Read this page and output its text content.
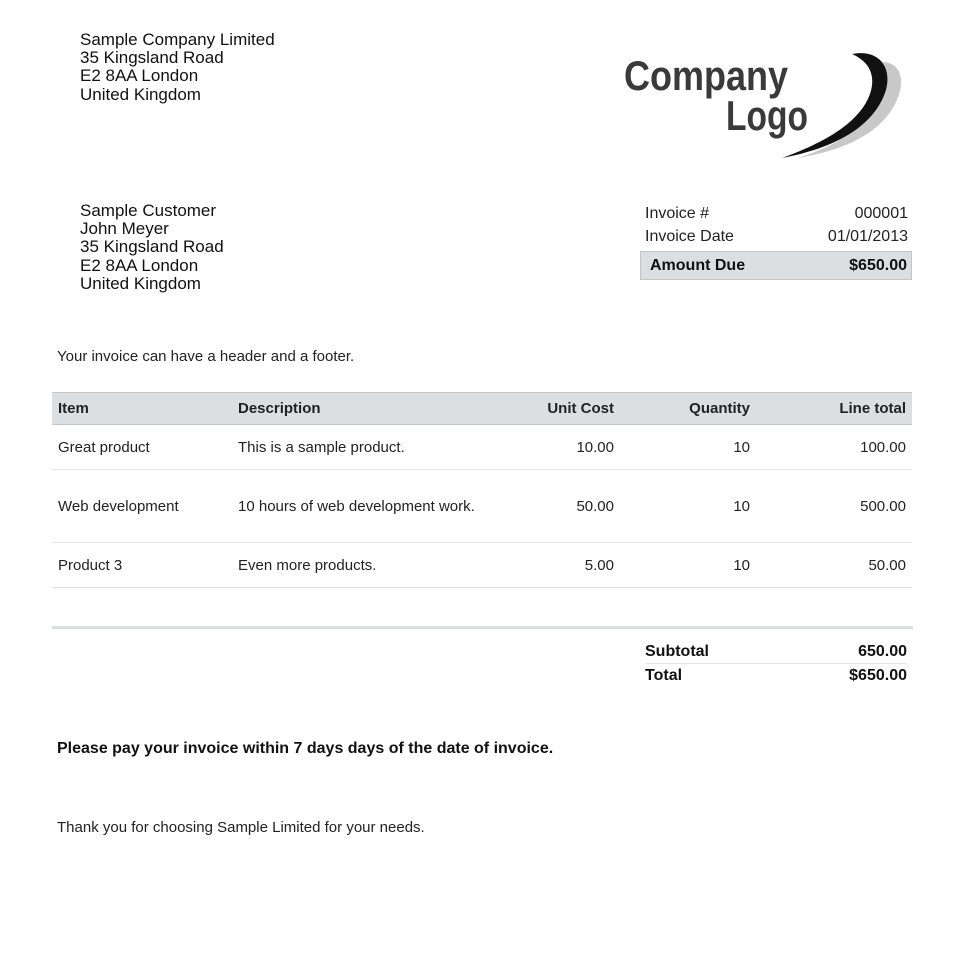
Sample Company Limited
35 Kingsland Road
E2 8AA London
United Kingdom	Company
Logo
Sample Customer
John Meyer
35 Kingsland Road
E2 8AA London
United Kingdom
Invoice #	000001
Invoice Date	01/01/2013
Amount Due	$650.00
Your invoice can have a header and a footer.
Item	Description	Unit Cost	Quantity	Line total
Great product	This is a sample product.	10.00	10	100.00
Web development	10 hours of web development work.	50.00	10	500.00
Product 3	Even more products.	5.00	10	50.00
Subtotal	650.00
Total	$650.00
Please pay your invoice within 7 days days of the date of invoice.
Thank you for choosing Sample Limited for your needs.
